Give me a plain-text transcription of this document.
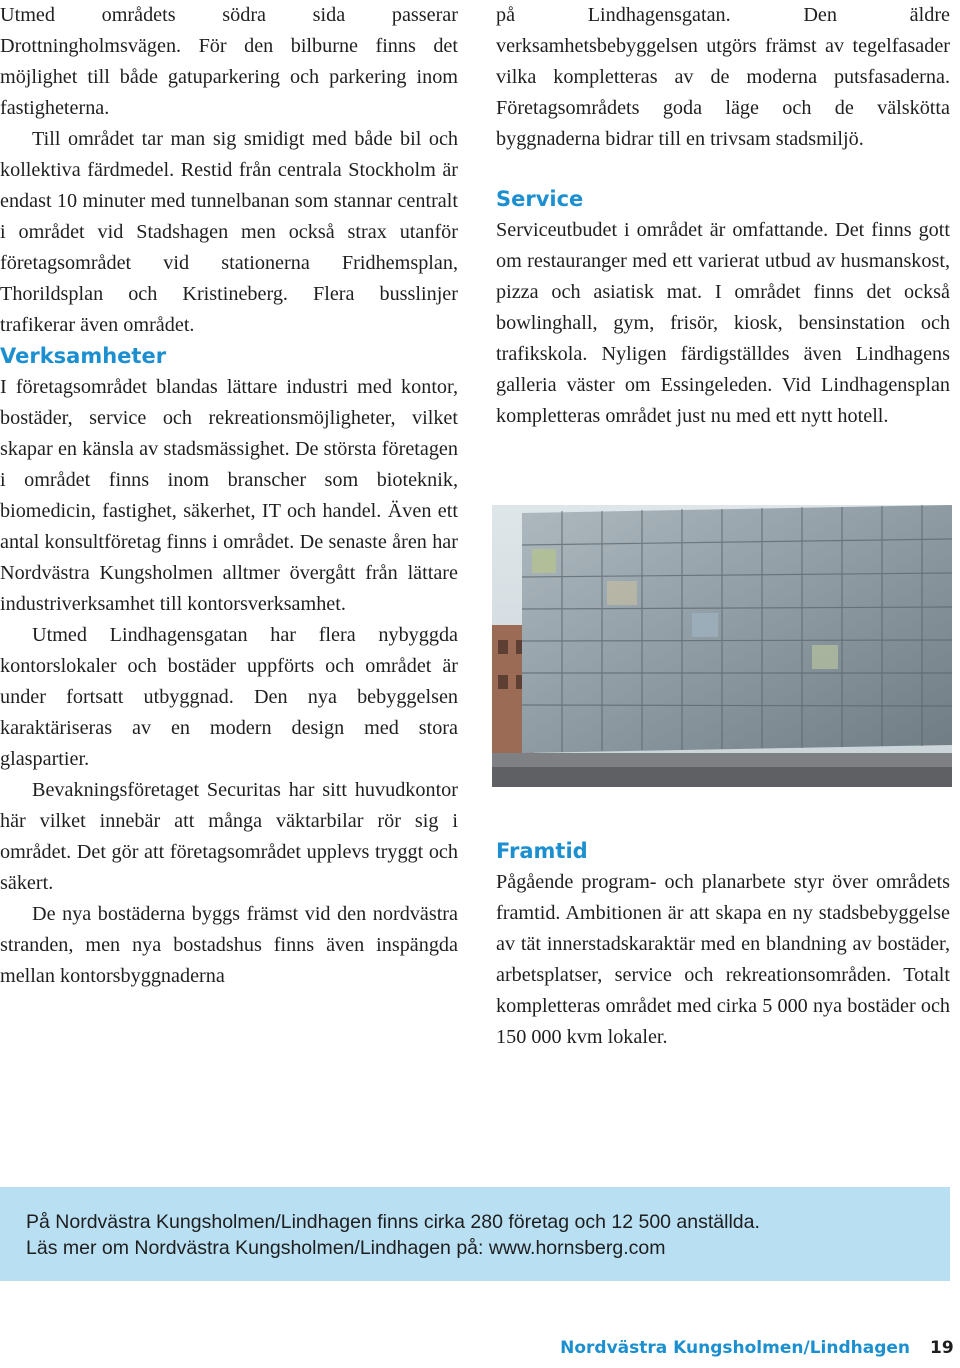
Utmed områdets södra sida passerar Drottningholmsvägen. För den bilburne finns det möjlighet till både gatuparkering och parkering inom fastigheterna.

Till området tar man sig smidigt med både bil och kollektiva färdmedel. Restid från centrala Stockholm är endast 10 minuter med tunnelbanan som stannar centralt i området vid Stadshagen men också strax utanför företagsområdet vid stationerna Fridhemsplan, Thorildsplan och Kristineberg. Flera busslinjer trafikerar även området.

Verksamheter

I företagsområdet blandas lättare industri med kontor, bostäder, service och rekreationsmöjligheter, vilket skapar en känsla av stadsmässighet. De största företagen i området finns inom branscher som bioteknik, biomedicin, fastighet, säkerhet, IT och handel. Även ett antal konsultföretag finns i området. De senaste åren har Nordvästra Kungsholmen alltmer övergått från lättare industriverksamhet till kontorsverksamhet.

Utmed Lindhagensgatan har flera nybyggda kontorslokaler och bostäder uppförts och området är under fortsatt utbyggnad. Den nya bebyggelsen karaktäriseras av en modern design med stora glaspartier.

Bevakningsföretaget Securitas har sitt huvudkontor här vilket innebär att många väktarbilar rör sig i området. Det gör att företagsområdet upplevs tryggt och säkert.

De nya bostäderna byggs främst vid den nordvästra stranden, men nya bostadshus finns även inspängda mellan kontorsbyggnaderna

på Lindhagensgatan. Den äldre verksamhetsbebyggelsen utgörs främst av tegelfasader vilka kompletteras av de moderna putsfasaderna. Företagsområdets goda läge och de välskötta byggnaderna bidrar till en trivsam stadsmiljö.

Service

Serviceutbudet i området är omfattande. Det finns gott om restauranger med ett varierat utbud av husmanskost, pizza och asiatisk mat. I området finns det också bowlinghall, gym, frisör, kiosk, bensinstation och trafikskola. Nyligen färdigställdes även Lindhagens galleria väster om Essingeleden. Vid Lindhagensplan kompletteras området just nu med ett nytt hotell.

Framtid

Pågående program- och planarbete styr över områdets framtid. Ambitionen är att skapa en ny stadsbebyggelse av tät innerstadskaraktär med en blandning av bostäder, arbetsplatser, service och rekreationsområden. Totalt kompletteras området med cirka 5 000 nya bostäder och 150 000 kvm lokaler.

På Nordvästra Kungsholmen/Lindhagen finns cirka 280 företag och 12 500 anställda.
Läs mer om Nordvästra Kungsholmen/Lindhagen på: www.hornsberg.com
Nordvästra Kungsholmen/Lindhagen 19
